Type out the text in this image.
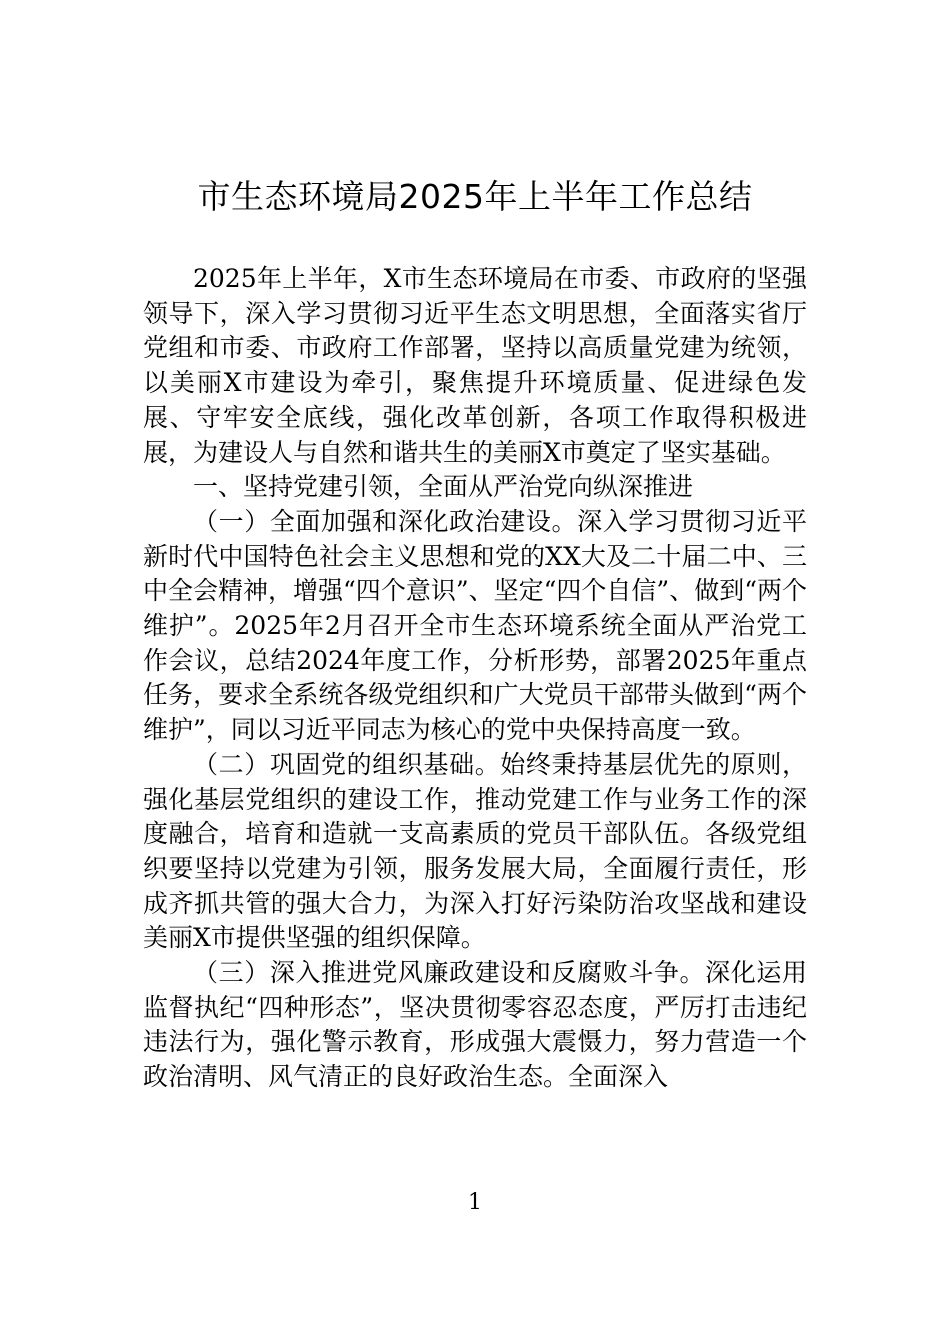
市生态环境局2025年上半年工作总结

2025年上半年，X市生态环境局在市委、市政府的坚强领导下，深入学习贯彻习近平生态文明思想，全面落实省厅党组和市委、市政府工作部署，坚持以高质量党建为统领，以美丽X市建设为牵引，聚焦提升环境质量、促进绿色发展、守牢安全底线，强化改革创新，各项工作取得积极进展，为建设人与自然和谐共生的美丽X市奠定了坚实基础。

一、坚持党建引领，全面从严治党向纵深推进

（一）全面加强和深化政治建设。深入学习贯彻习近平新时代中国特色社会主义思想和党的XX大及二十届二中、三中全会精神，增强“四个意识”、坚定“四个自信”、做到“两个维护”。2025年2月召开全市生态环境系统全面从严治党工作会议，总结2024年度工作，分析形势，部署2025年重点任务，要求全系统各级党组织和广大党员干部带头做到“两个维护”，同以习近平同志为核心的党中央保持高度一致。

（二）巩固党的组织基础。始终秉持基层优先的原则，强化基层党组织的建设工作，推动党建工作与业务工作的深度融合，培育和造就一支高素质的党员干部队伍。各级党组织要坚持以党建为引领，服务发展大局，全面履行责任，形成齐抓共管的强大合力，为深入打好污染防治攻坚战和建设美丽X市提供坚强的组织保障。

（三）深入推进党风廉政建设和反腐败斗争。深化运用监督执纪“四种形态”，坚决贯彻零容忍态度，严厉打击违纪违法行为，强化警示教育，形成强大震慑力，努力营造一个政治清明、风气清正的良好政治生态。全面深入

1
